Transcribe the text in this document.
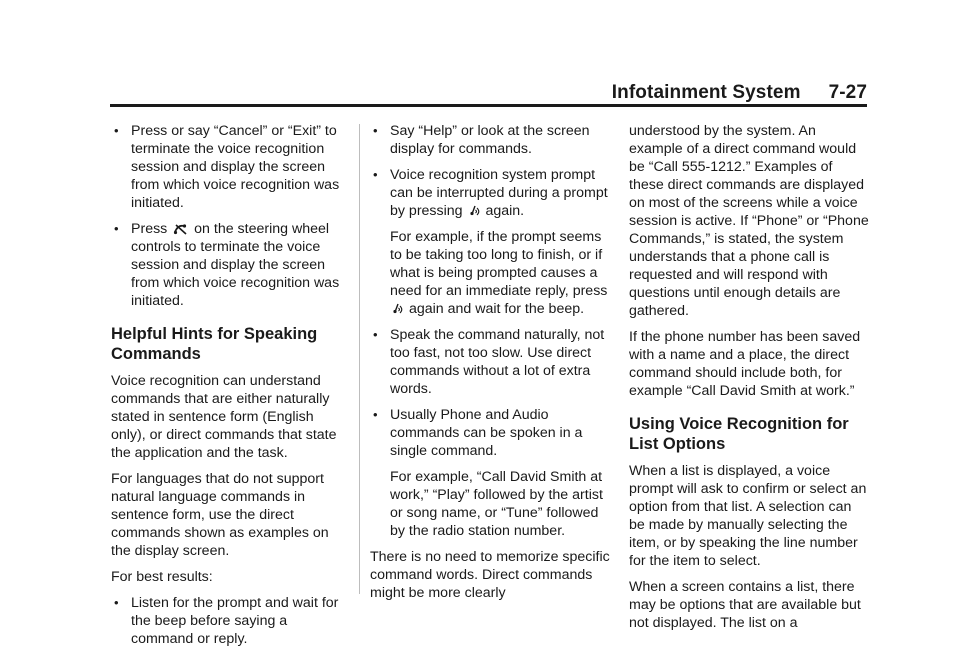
Infotainment System 7-27
• Press or say “Cancel” or “Exit” to terminate the voice recognition session and display the screen from which voice recognition was initiated.
• Press on the steering wheel controls to terminate the voice session and display the screen from which voice recognition was initiated.
Helpful Hints for Speaking Commands

Voice recognition can understand commands that are either naturally stated in sentence form (English only), or direct commands that state the application and the task.

For languages that do not support natural language commands in sentence form, use the direct commands shown as examples on the display screen.

For best results:

• Listen for the prompt and wait for the beep before saying a command or reply.
• Say “Help” or look at the screen display for commands.
• Voice recognition system prompt can be interrupted during a prompt by pressing again.

For example, if the prompt seems to be taking too long to finish, or if what is being prompted causes a need for an immediate reply, press  again and wait for the beep.

• Speak the command naturally, not too fast, not too slow. Use direct commands without a lot of extra words.
• Usually Phone and Audio commands can be spoken in a single command.

For example, “Call David Smith at work,” “Play” followed by the artist or song name, or “Tune” followed by the radio station number.

There is no need to memorize specific command words. Direct commands might be more clearly

understood by the system. An example of a direct command would be “Call 555-1212.” Examples of these direct commands are displayed on most of the screens while a voice session is active. If “Phone” or “Phone Commands,” is stated, the system understands that a phone call is requested and will respond with questions until enough details are gathered.

If the phone number has been saved with a name and a place, the direct command should include both, for example “Call David Smith at work.”

Using Voice Recognition for List Options

When a list is displayed, a voice prompt will ask to confirm or select an option from that list. A selection can be made by manually selecting the item, or by speaking the line number for the item to select.

When a screen contains a list, there may be options that are available but not displayed. The list on a
